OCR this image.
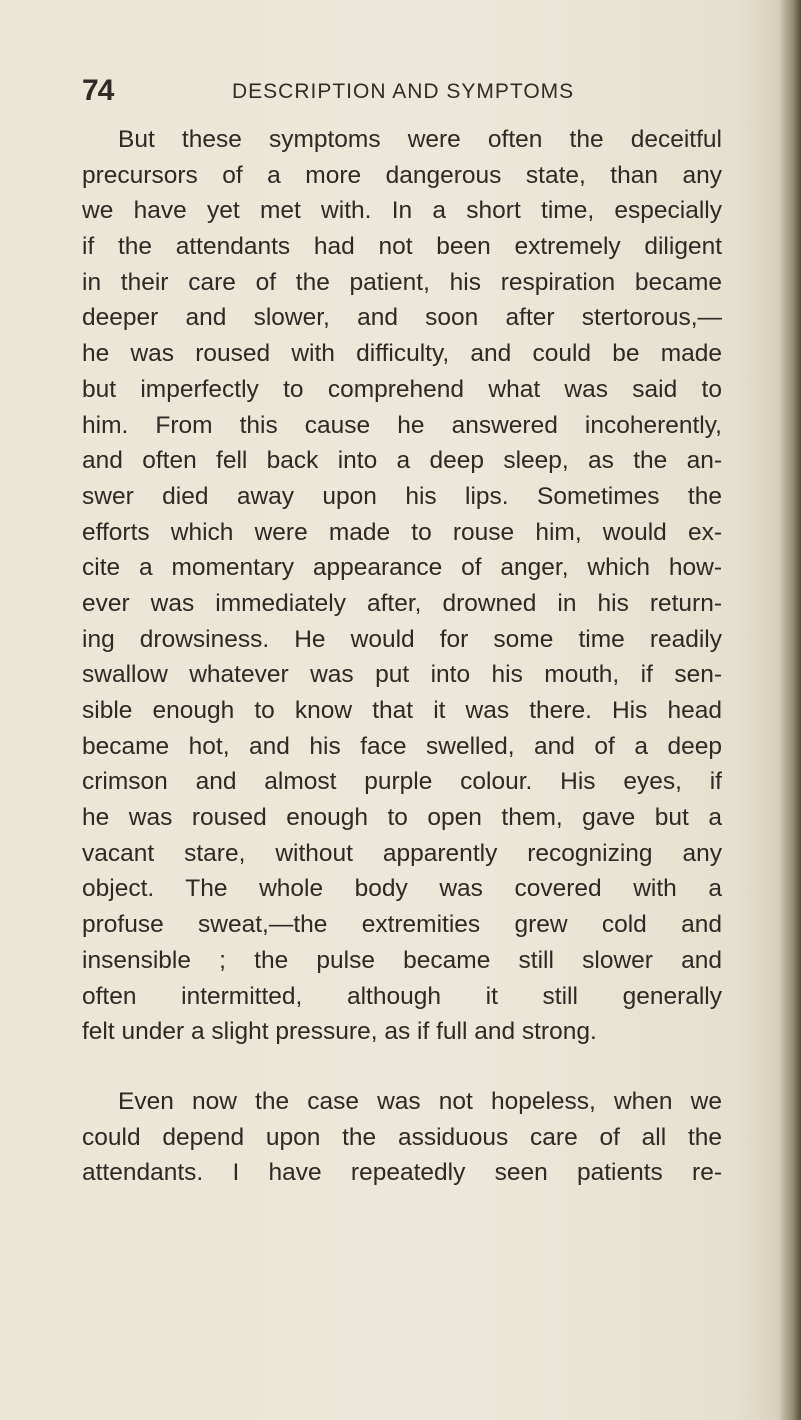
74	DESCRIPTION AND SYMPTOMS
But these symptoms were often the deceitful
precursors of a more dangerous state, than any
we have yet met with. In a short time, especially
if the attendants had not been extremely diligent
in their care of the patient, his respiration became
deeper and slower, and soon after stertorous,—
he was roused with difficulty, and could be made
but imperfectly to comprehend what was said to
him. From this cause he answered incoherently,
and often fell back into a deep sleep, as the an-
swer died away upon his lips. Sometimes the
efforts which were made to rouse him, would ex-
cite a momentary appearance of anger, which how-
ever was immediately after, drowned in his return-
ing drowsiness. He would for some time readily
swallow whatever was put into his mouth, if sen-
sible enough to know that it was there. His head
became hot, and his face swelled, and of a deep
crimson and almost purple colour. His eyes, if
he was roused enough to open them, gave but a
vacant stare, without apparently recognizing any
object. The whole body was covered with a
profuse sweat,—the extremities grew cold and
insensible ; the pulse became still slower and
often intermitted, although it still generally
felt under a slight pressure, as if full and strong.
Even now the case was not hopeless, when we
could depend upon the assiduous care of all the
attendants. I have repeatedly seen patients re-
